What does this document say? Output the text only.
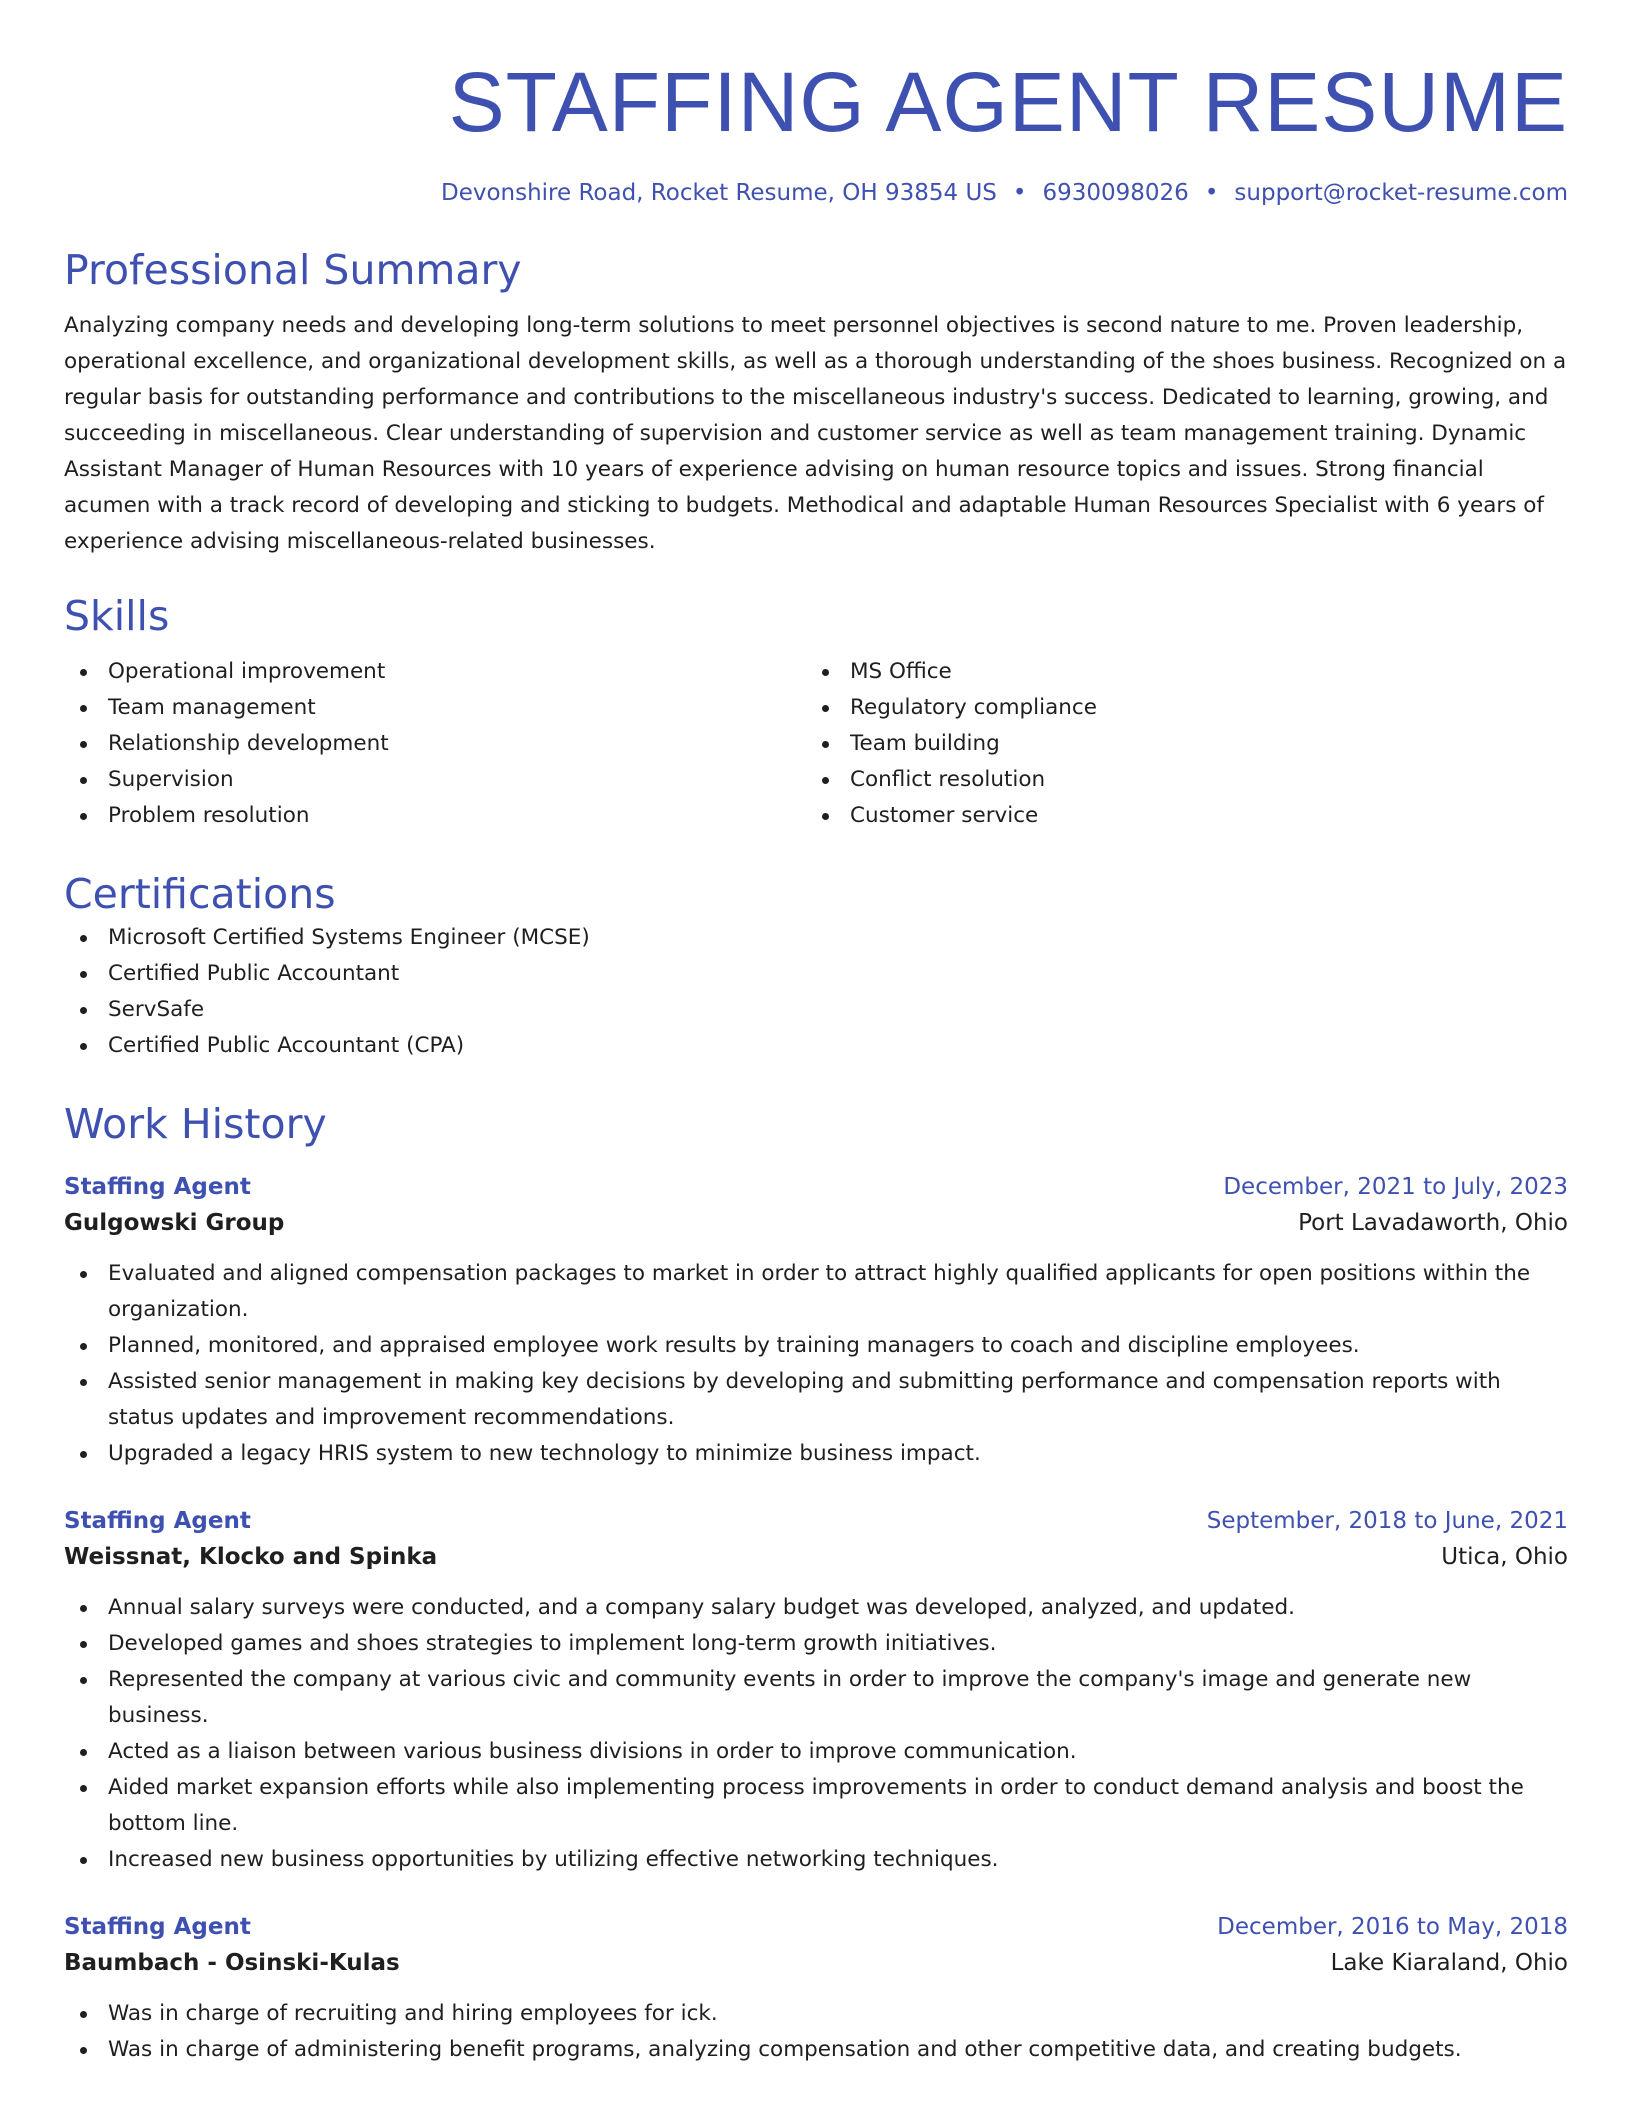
STAFFING AGENT RESUME
Devonshire Road, Rocket Resume, OH 93854 US • 6930098026 • support@rocket-resume.com
Professional Summary

Analyzing company needs and developing long-term solutions to meet personnel objectives is second nature to me. Proven leadership, operational excellence, and organizational development skills, as well as a thorough understanding of the shoes business. Recognized on a regular basis for outstanding performance and contributions to the miscellaneous industry's success. Dedicated to learning, growing, and succeeding in miscellaneous. Clear understanding of supervision and customer service as well as team management training. Dynamic Assistant Manager of Human Resources with 10 years of experience advising on human resource topics and issues. Strong financial acumen with a track record of developing and sticking to budgets. Methodical and adaptable Human Resources Specialist with 6 years of experience advising miscellaneous-related businesses.

Skills
Operational improvement
Team management
Relationship development
Supervision
Problem resolution
MS Office
Regulatory compliance
Team building
Conflict resolution
Customer service
Certifications
Microsoft Certified Systems Engineer (MCSE)
Certified Public Accountant
ServSafe
Certified Public Accountant (CPA)
Work History
Staffing Agent	December, 2021 to July, 2023
Gulgowski Group	Port Lavadaworth, Ohio
Evaluated and aligned compensation packages to market in order to attract highly qualified applicants for open positions within the organization.
Planned, monitored, and appraised employee work results by training managers to coach and discipline employees.
Assisted senior management in making key decisions by developing and submitting performance and compensation reports with status updates and improvement recommendations.
Upgraded a legacy HRIS system to new technology to minimize business impact.
Staffing Agent	September, 2018 to June, 2021
Weissnat, Klocko and Spinka	Utica, Ohio
Annual salary surveys were conducted, and a company salary budget was developed, analyzed, and updated.
Developed games and shoes strategies to implement long-term growth initiatives.
Represented the company at various civic and community events in order to improve the company's image and generate new business.
Acted as a liaison between various business divisions in order to improve communication.
Aided market expansion efforts while also implementing process improvements in order to conduct demand analysis and boost the bottom line.
Increased new business opportunities by utilizing effective networking techniques.
Staffing Agent	December, 2016 to May, 2018
Baumbach - Osinski-Kulas	Lake Kiaraland, Ohio
Was in charge of recruiting and hiring employees for ick.
Was in charge of administering benefit programs, analyzing compensation and other competitive data, and creating budgets.
